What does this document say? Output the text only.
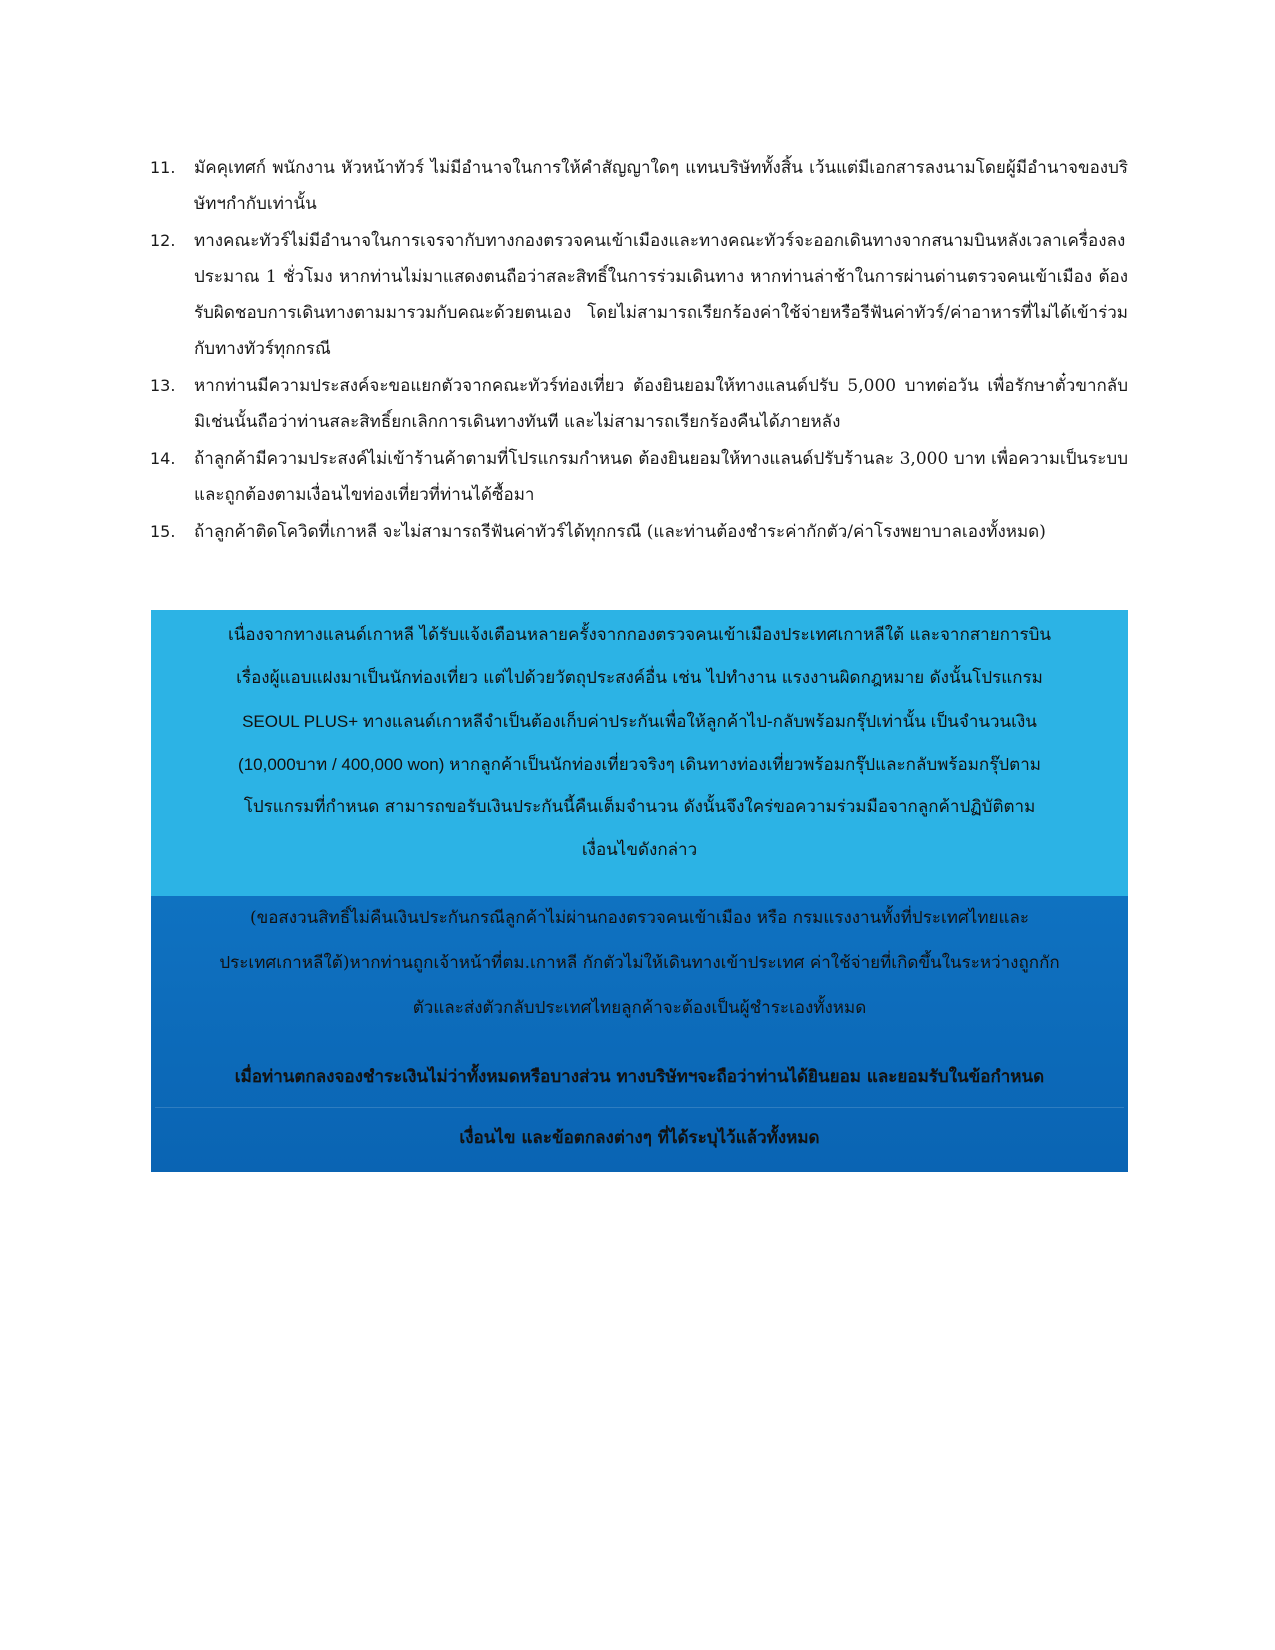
11. มัคคุเทศก์ พนักงาน หัวหน้าทัวร์ ไม่มีอำนาจในการให้คำสัญญาใดๆ แทนบริษัททั้งสิ้น เว้นแต่มีเอกสารลงนามโดยผู้มีอำนาจของบริษัทฯกำกับเท่านั้น
12. ทางคณะทัวร์ไม่มีอำนาจในการเจรจากับทางกองตรวจคนเข้าเมืองและทางคณะทัวร์จะออกเดินทางจากสนามบินหลังเวลาเครื่องลงประมาณ 1 ชั่วโมง หากท่านไม่มาแสดงตนถือว่าสละสิทธิ์ในการร่วมเดินทาง หากท่านล่าช้าในการผ่านด่านตรวจคนเข้าเมือง ต้องรับผิดชอบการเดินทางตามมารวมกับคณะด้วยตนเอง โดยไม่สามารถเรียกร้องค่าใช้จ่ายหรือรีฟันค่าทัวร์/ค่าอาหารที่ไม่ได้เข้าร่วมกับทางทัวร์ทุกกรณี
13. หากท่านมีความประสงค์จะขอแยกตัวจากคณะทัวร์ท่องเที่ยว ต้องยินยอมให้ทางแลนด์ปรับ 5,000 บาทต่อวัน เพื่อรักษาตั๋วขากลับ มิเช่นนั้นถือว่าท่านสละสิทธิ์ยกเลิกการเดินทางทันที และไม่สามารถเรียกร้องคืนได้ภายหลัง
14. ถ้าลูกค้ามีความประสงค์ไม่เข้าร้านค้าตามที่โปรแกรมกำหนด ต้องยินยอมให้ทางแลนด์ปรับร้านละ 3,000 บาท เพื่อความเป็นระบบ และถูกต้องตามเงื่อนไขท่องเที่ยวที่ท่านได้ซื้อมา
15. ถ้าลูกค้าติดโควิดที่เกาหลี จะไม่สามารถรีฟันค่าทัวร์ได้ทุกกรณี (และท่านต้องชำระค่ากักตัว/ค่าโรงพยาบาลเองทั้งหมด)
เนื่องจากทางแลนด์เกาหลี ได้รับแจ้งเตือนหลายครั้งจากกองตรวจคนเข้าเมืองประเทศเกาหลีใต้ และจากสายการบิน
เรื่องผู้แอบแฝงมาเป็นนักท่องเที่ยว แต่ไปด้วยวัตถุประสงค์อื่น เช่น ไปทำงาน แรงงานผิดกฎหมาย ดังนั้นโปรแกรม
SEOUL PLUS+ ทางแลนด์เกาหลีจำเป็นต้องเก็บค่าประกันเพื่อให้ลูกค้าไป-กลับพร้อมกรุ๊ปเท่านั้น เป็นจำนวนเงิน
(10,000บาท / 400,000 won) หากลูกค้าเป็นนักท่องเที่ยวจริงๆ เดินทางท่องเที่ยวพร้อมกรุ๊ปและกลับพร้อมกรุ๊ปตาม
โปรแกรมที่กำหนด สามารถขอรับเงินประกันนี้คืนเต็มจำนวน ดังนั้นจึงใคร่ขอความร่วมมือจากลูกค้าปฏิบัติตาม
เงื่อนไขดังกล่าว
(ขอสงวนสิทธิ์ไม่คืนเงินประกันกรณีลูกค้าไม่ผ่านกองตรวจคนเข้าเมือง หรือ กรมแรงงานทั้งที่ประเทศไทยและ
ประเทศเกาหลีใต้)หากท่านถูกเจ้าหน้าที่ตม.เกาหลี กักตัวไม่ให้เดินทางเข้าประเทศ ค่าใช้จ่ายที่เกิดขึ้นในระหว่างถูกกัก
ตัวและส่งตัวกลับประเทศไทยลูกค้าจะต้องเป็นผู้ชำระเองทั้งหมด
เมื่อท่านตกลงจองชำระเงินไม่ว่าทั้งหมดหรือบางส่วน ทางบริษัทฯจะถือว่าท่านได้ยินยอม และยอมรับในข้อกำหนด
เงื่อนไข และข้อตกลงต่างๆ ที่ได้ระบุไว้แล้วทั้งหมด
